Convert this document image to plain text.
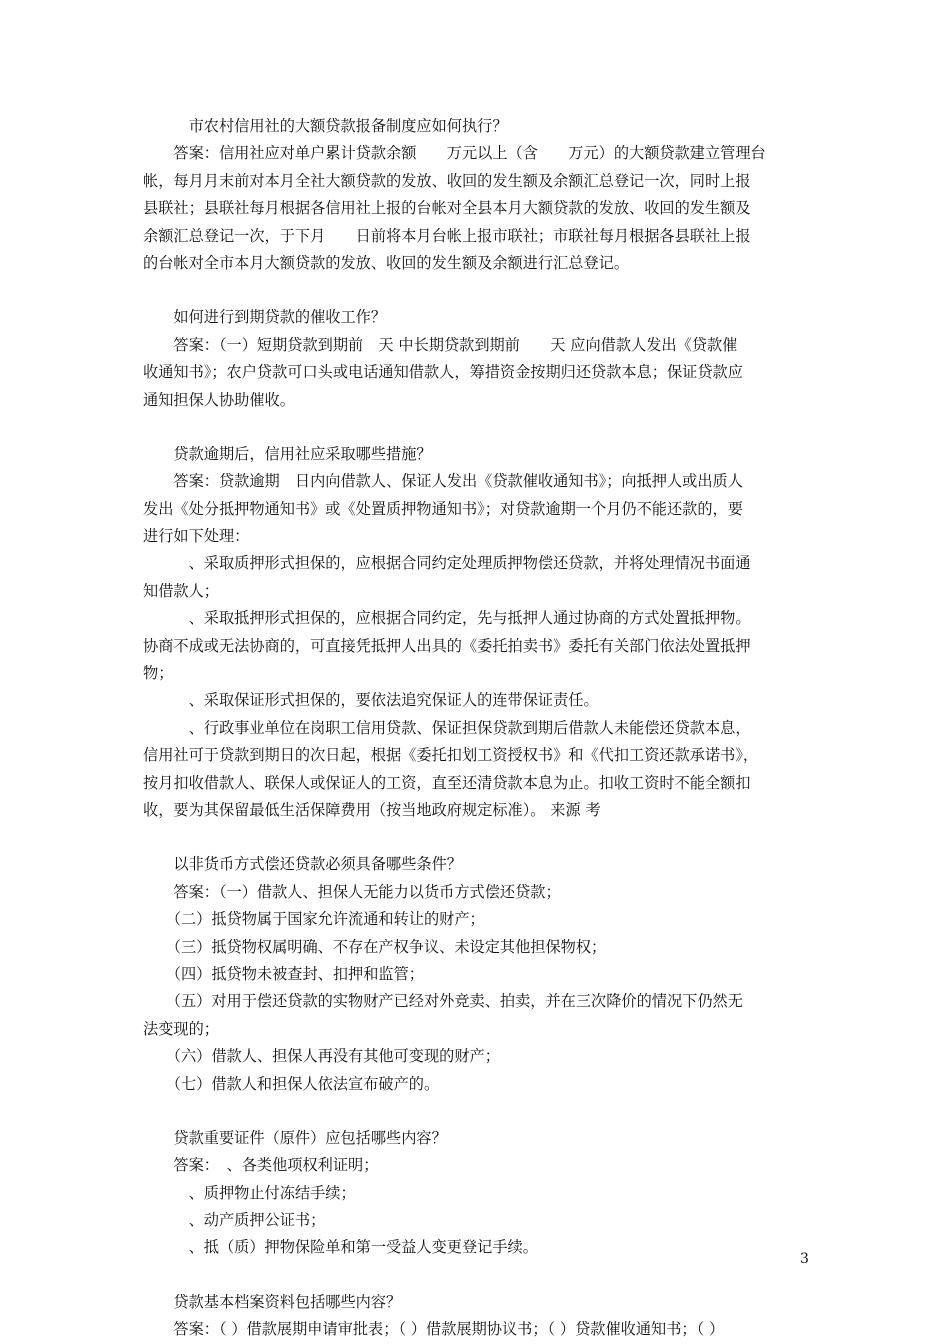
　　　市农村信用社的大额贷款报备制度应如何执行？
　　答案：信用社应对单户累计贷款余额　　万元以上（含　　万元）的大额贷款建立管理台
帐，每月月末前对本月全社大额贷款的发放、收回的发生额及余额汇总登记一次，同时上报
县联社；县联社每月根据各信用社上报的台帐对全县本月大额贷款的发放、收回的发生额及
余额汇总登记一次，于下月　　日前将本月台帐上报市联社；市联社每月根据各县联社上报
的台帐对全市本月大额贷款的发放、收回的发生额及余额进行汇总登记。
　　如何进行到期贷款的催收工作？
　　答案：（一）短期贷款到期前　天 中长期贷款到期前　　天 应向借款人发出《贷款催
收通知书》；农户贷款可口头或电话通知借款人，筹措资金按期归还贷款本息；保证贷款应
通知担保人协助催收。
　　贷款逾期后，信用社应采取哪些措施？
　　答案：贷款逾期　日内向借款人、保证人发出《贷款催收通知书》；向抵押人或出质人
发出《处分抵押物通知书》或《处置质押物通知书》；对贷款逾期一个月仍不能还款的，要
进行如下处理：
　　　、采取质押形式担保的，应根据合同约定处理质押物偿还贷款，并将处理情况书面通
知借款人；
　　　、采取抵押形式担保的，应根据合同约定，先与抵押人通过协商的方式处置抵押物。
协商不成或无法协商的，可直接凭抵押人出具的《委托拍卖书》委托有关部门依法处置抵押
物；
　　　、采取保证形式担保的，要依法追究保证人的连带保证责任。
　　　、行政事业单位在岗职工信用贷款、保证担保贷款到期后借款人未能偿还贷款本息，
信用社可于贷款到期日的次日起，根据《委托扣划工资授权书》和《代扣工资还款承诺书》，
按月扣收借款人、联保人或保证人的工资，直至还清贷款本息为止。扣收工资时不能全额扣
收，要为其保留最低生活保障费用（按当地政府规定标准）。 来源 考
　　以非货币方式偿还贷款必须具备哪些条件？
　　答案：（一）借款人、担保人无能力以货币方式偿还贷款；
　　（二）抵贷物属于国家允许流通和转让的财产；
　　（三）抵贷物权属明确、不存在产权争议、未设定其他担保物权；
　　（四）抵贷物未被查封、扣押和监管；
　　（五）对用于偿还贷款的实物财产已经对外竞卖、拍卖，并在三次降价的情况下仍然无
法变现的；
　　（六）借款人、担保人再没有其他可变现的财产；
　　（七）借款人和担保人依法宣布破产的。
　　贷款重要证件（原件）应包括哪些内容？
　　答案：　、各类他项权利证明；
　　　、质押物止付冻结手续；
　　　、动产质押公证书；
　　　、抵（质）押物保险单和第一受益人变更登记手续。
　　贷款基本档案资料包括哪些内容？
　　答案：（ ）借款展期申请审批表；（ ）借款展期协议书；（ ）贷款催收通知书；（ ）
3
